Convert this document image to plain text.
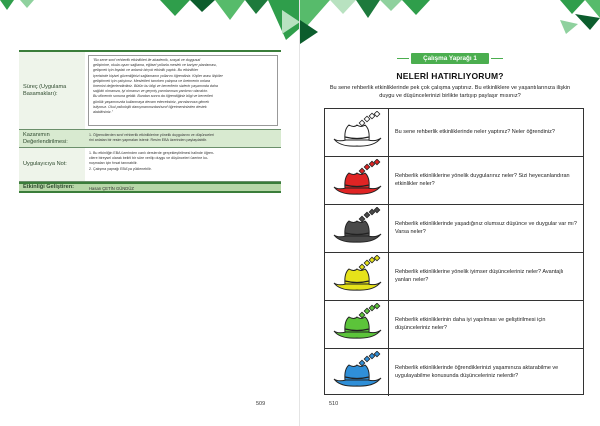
Süreç (Uygulama Basamakları):
"Bu sene sınıf rehberlik etkinlikleri ile akademik, sosyal ve duygusal
gelişimine, okula uyum sağlama, eğitsel yollarla meslek ve kariyer planlaması,
gelişmek için faydalı ve anlamlı birçok etkinlik yaptık. Bu etkinlikler
içerisinde kişisel güvenliğinizi sağlamanın yollarını öğrendiniz. Kişiler arası ilişkiler
geliştirmek için çalıştınız. Meslekleri tanırken çalışma ve üretmenin onlara
önemini değerlendirdiniz. Bütün bu bilgi ve becerilerin sizlerin yaşamında daha
sağlıklı olmanıza, iyi olmanızı ve geçmiş yarınlarınıza yardımcı olacaktır.
Bu dönemin sonuna geldik. Bundan sonra da öğrendiğiniz bilgi ve becerileri
günlük yaşamınızda kullanmaya devam edeceksiniz, yarınlarınıza gitmek
istiyoruz. Okul psikolojik danışmanınızdan/sınıf öğretmeninizden destek
alabilirsiniz."
Kazanımın Değerlendirilmesi:
1. Öğrencilerden sınıf rehberlik etkinliklerine yönelik duygularını ve düşünceleri
rini anlatan bir resim yapmaları istenir. Resim EBA üzerinden paylaşılabilir.
Uygulayıcıya Not:
1. Bu etkinliğin EBA üzerinden canlı derslerde gerçekleştirilmesi halinde öğren-
cilere bireysel olarak belirli bir süre verilip duygu ve düşünceleri üzerine ko-
nuşmaları için fırsat tanınabilir.
2. Çalışma yaprağı EBA'ya yüklenebilir.
Etkinliği Geliştiren:	Hasan ÇETİN GÜNDÜZ
509
Çalışma Yaprağı 1
NELERİ HATIRLIYORUM?
Bu sene rehberlik etkinliklerinde pek çok çalışma yaptınız. Bu etkinliklere ve yaşantılarınıza ilişkin duygu ve düşüncelerinizi birlikte tartışıp paylaşır mısınız?
Bu sene rehberlik etkinliklerinde neler yaptınız? Neler öğrendiniz?
Rehberlik etkinliklerine yönelik duygularınız neler? Sizi heyecanlandıran etkinlikler neler?
Rehberlik etkinliklerinde yaşadığınız olumsuz düşünce ve duygular var mı? Varsa neler?
Rehberlik etkinliklerine yönelik iyimser düşünceleriniz neler? Avantajlı yanları neler?
Rehberlik etkinliklerinin daha iyi yapılması ve geliştirilmesi için düşünceleriniz neler?
Rehberlik etkinliklerinde öğrendiklerinizi yaşamınıza aktarabilme ve uygulayabilme konusunda düşünceleriniz nelerdir?
510
